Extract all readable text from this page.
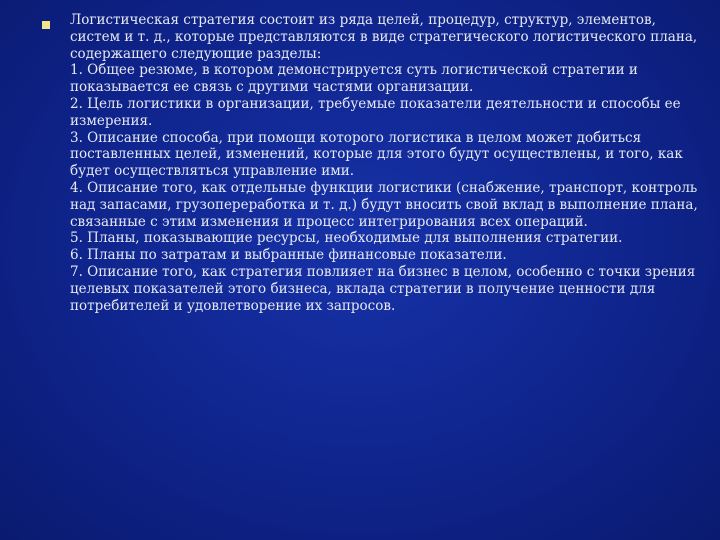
Логистическая стратегия состоит из ряда целей, процедур, структур, элементов, систем и т. д., которые представляются в виде стратегического логистического плана, содержащего следующие разделы:

1. Общее резюме, в котором демонстрируется суть логистической стратегии и показывается ее связь с другими частями организации.

2. Цель логистики в организации, требуемые показатели деятельности и способы ее измерения.

3. Описание способа, при помощи которого логистика в целом может добиться поставленных целей, изменений, которые для этого будут осуществлены, и того, как будет осуществляться управление ими.

4. Описание того, как отдельные функции логистики (снабжение, транспорт, контроль над запасами, грузопереработка и т. д.) будут вносить свой вклад в выполнение плана, связанные с этим изменения и процесс интегрирования всех операций.

5. Планы, показывающие ресурсы, необходимые для выполнения стратегии.

6. Планы по затратам и выбранные финансовые показатели.

7. Описание того, как стратегия повлияет на бизнес в целом, особенно с точки зрения целевых показателей этого бизнеса, вклада стратегии в получение ценности для потребителей и удовлетворение их запросов.
